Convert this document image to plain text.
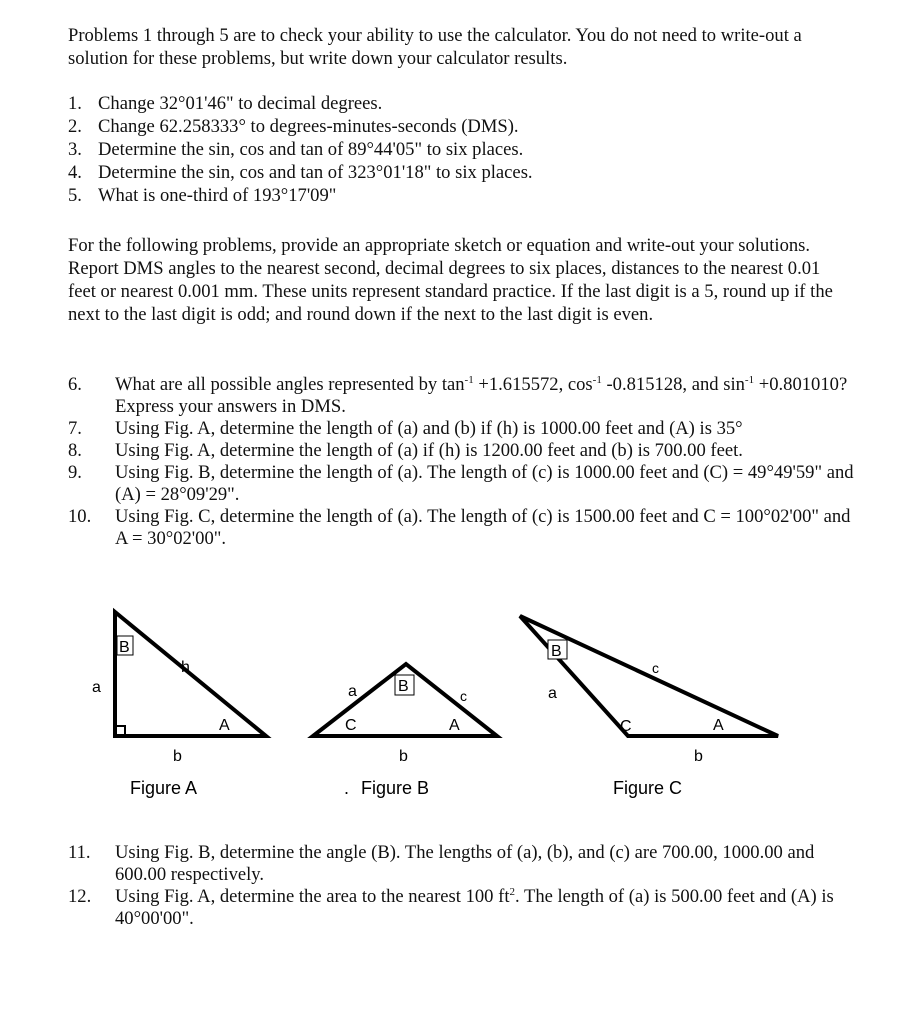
Problems 1 through 5 are to check your ability to use the calculator. You do not need to write-out a solution for these problems, but write down your calculator results.

1. Change 32°01'46" to decimal degrees.
2. Change 62.258333° to degrees-minutes-seconds (DMS).
3. Determine the sin, cos and tan of 89°44'05" to six places.
4. Determine the sin, cos and tan of 323°01'18" to six places.
5. What is one-third of 193°17'09"

For the following problems, provide an appropriate sketch or equation and write-out your solutions. Report DMS angles to the nearest second, decimal degrees to six places, distances to the nearest 0.01 feet or nearest 0.001 mm. These units represent standard practice. If the last digit is a 5, round up if the next to the last digit is odd; and round down if the next to the last digit is even.

6.	What are all possible angles represented by $\tan^{-1} +1.615572$, $\cos^{-1} -0.815128$, and $\sin^{-1} +0.801010$? Express your answers in DMS.
7.	Using Fig. A, determine the length of (a) and (b) if (h) is 1000.00 feet and (A) is 35°
8.	Using Fig. A, determine the length of (a) if (h) is 1200.00 feet and (b) is 700.00 feet.
9.	Using Fig. B, determine the length of (a). The length of (c) is 1000.00 feet and (C) = 49°49'59" and (A) = 28°09'29".
10.	Using Fig. C, determine the length of (a). The length of (c) is 1500.00 feet and C = 100°02'00" and A = 30°02'00".
B
h
a
A
b
Figure A
a	B
c
C	A
b
. Figure B
B
c
a
C	A
b
Figure C
11.	Using Fig. B, determine the angle (B). The lengths of (a), (b), and (c) are 700.00, 1000.00 and 600.00 respectively.
12.	Using Fig. A, determine the area to the nearest 100 $ft^2$. The length of (a) is 500.00 feet and (A) is 40°00'00".
